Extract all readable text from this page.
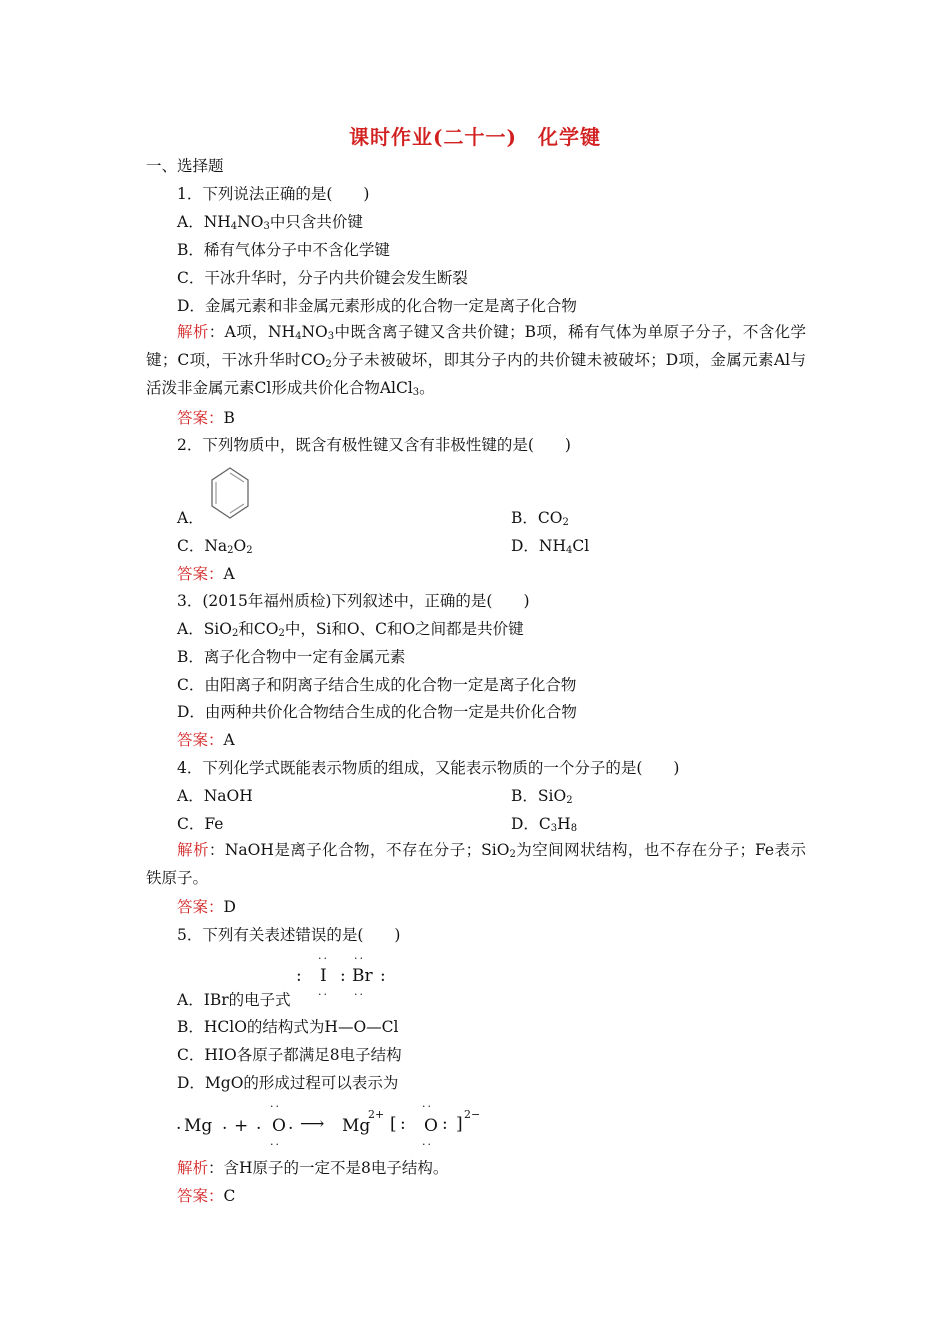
课时作业(二十一)　化学键
一、选择题
1．下列说法正确的是(　　)
A．$NH_4NO_3$中只含共价键
B．稀有气体分子中不含化学键
C．干冰升华时，分子内共价键会发生断裂
D．金属元素和非金属元素形成的化合物一定是离子化合物
解析：A项，$NH_4NO_3$中既含离子键又含共价键；B项，稀有气体为单原子分子，不含化学键；C项，干冰升华时$CO_2$分子未被破坏，即其分子内的共价键未被破坏；D项，金属元素Al与活泼非金属元素Cl形成共价化合物AlCl$_3$。
答案：B
2．下列物质中，既含有极性键又含有非极性键的是(　　)
A．	B．$CO_2$
C．$Na_2O_2$	D．$NH_4Cl$
答案：A
3．(2015年福州质检)下列叙述中，正确的是(　　)
A．SiO$_2$和$CO_2$中，Si和O、C和O之间都是共价键
B．离子化合物中一定有金属元素
C．由阳离子和阴离子结合生成的化合物一定是离子化合物
D．由两种共价化合物结合生成的化合物一定是共价化合物
答案：A
4．下列化学式既能表示物质的组成，又能表示物质的一个分子的是(　　)
A．NaOH	B．SiO$_2$
C．Fe	D．$C_3H_8$
解析：NaOH是离子化合物，不存在分子；SiO$_2$为空间网状结构，也不存在分子；Fe表示铁原子。
答案：D
5．下列有关表述错误的是(　　)
·· ··
: I : Br :
·· ··
A．IBr的电子式
B．HClO的结构式为H—O—Cl
C．HIO各原子都满足8电子结构
D．MgO的形成过程可以表示为
. Mg . + .
··
O
··
. ⟶ Mg
2+ [ :
··
O
··
: ] 2−
解析：含H原子的一定不是8电子结构。
答案：C
